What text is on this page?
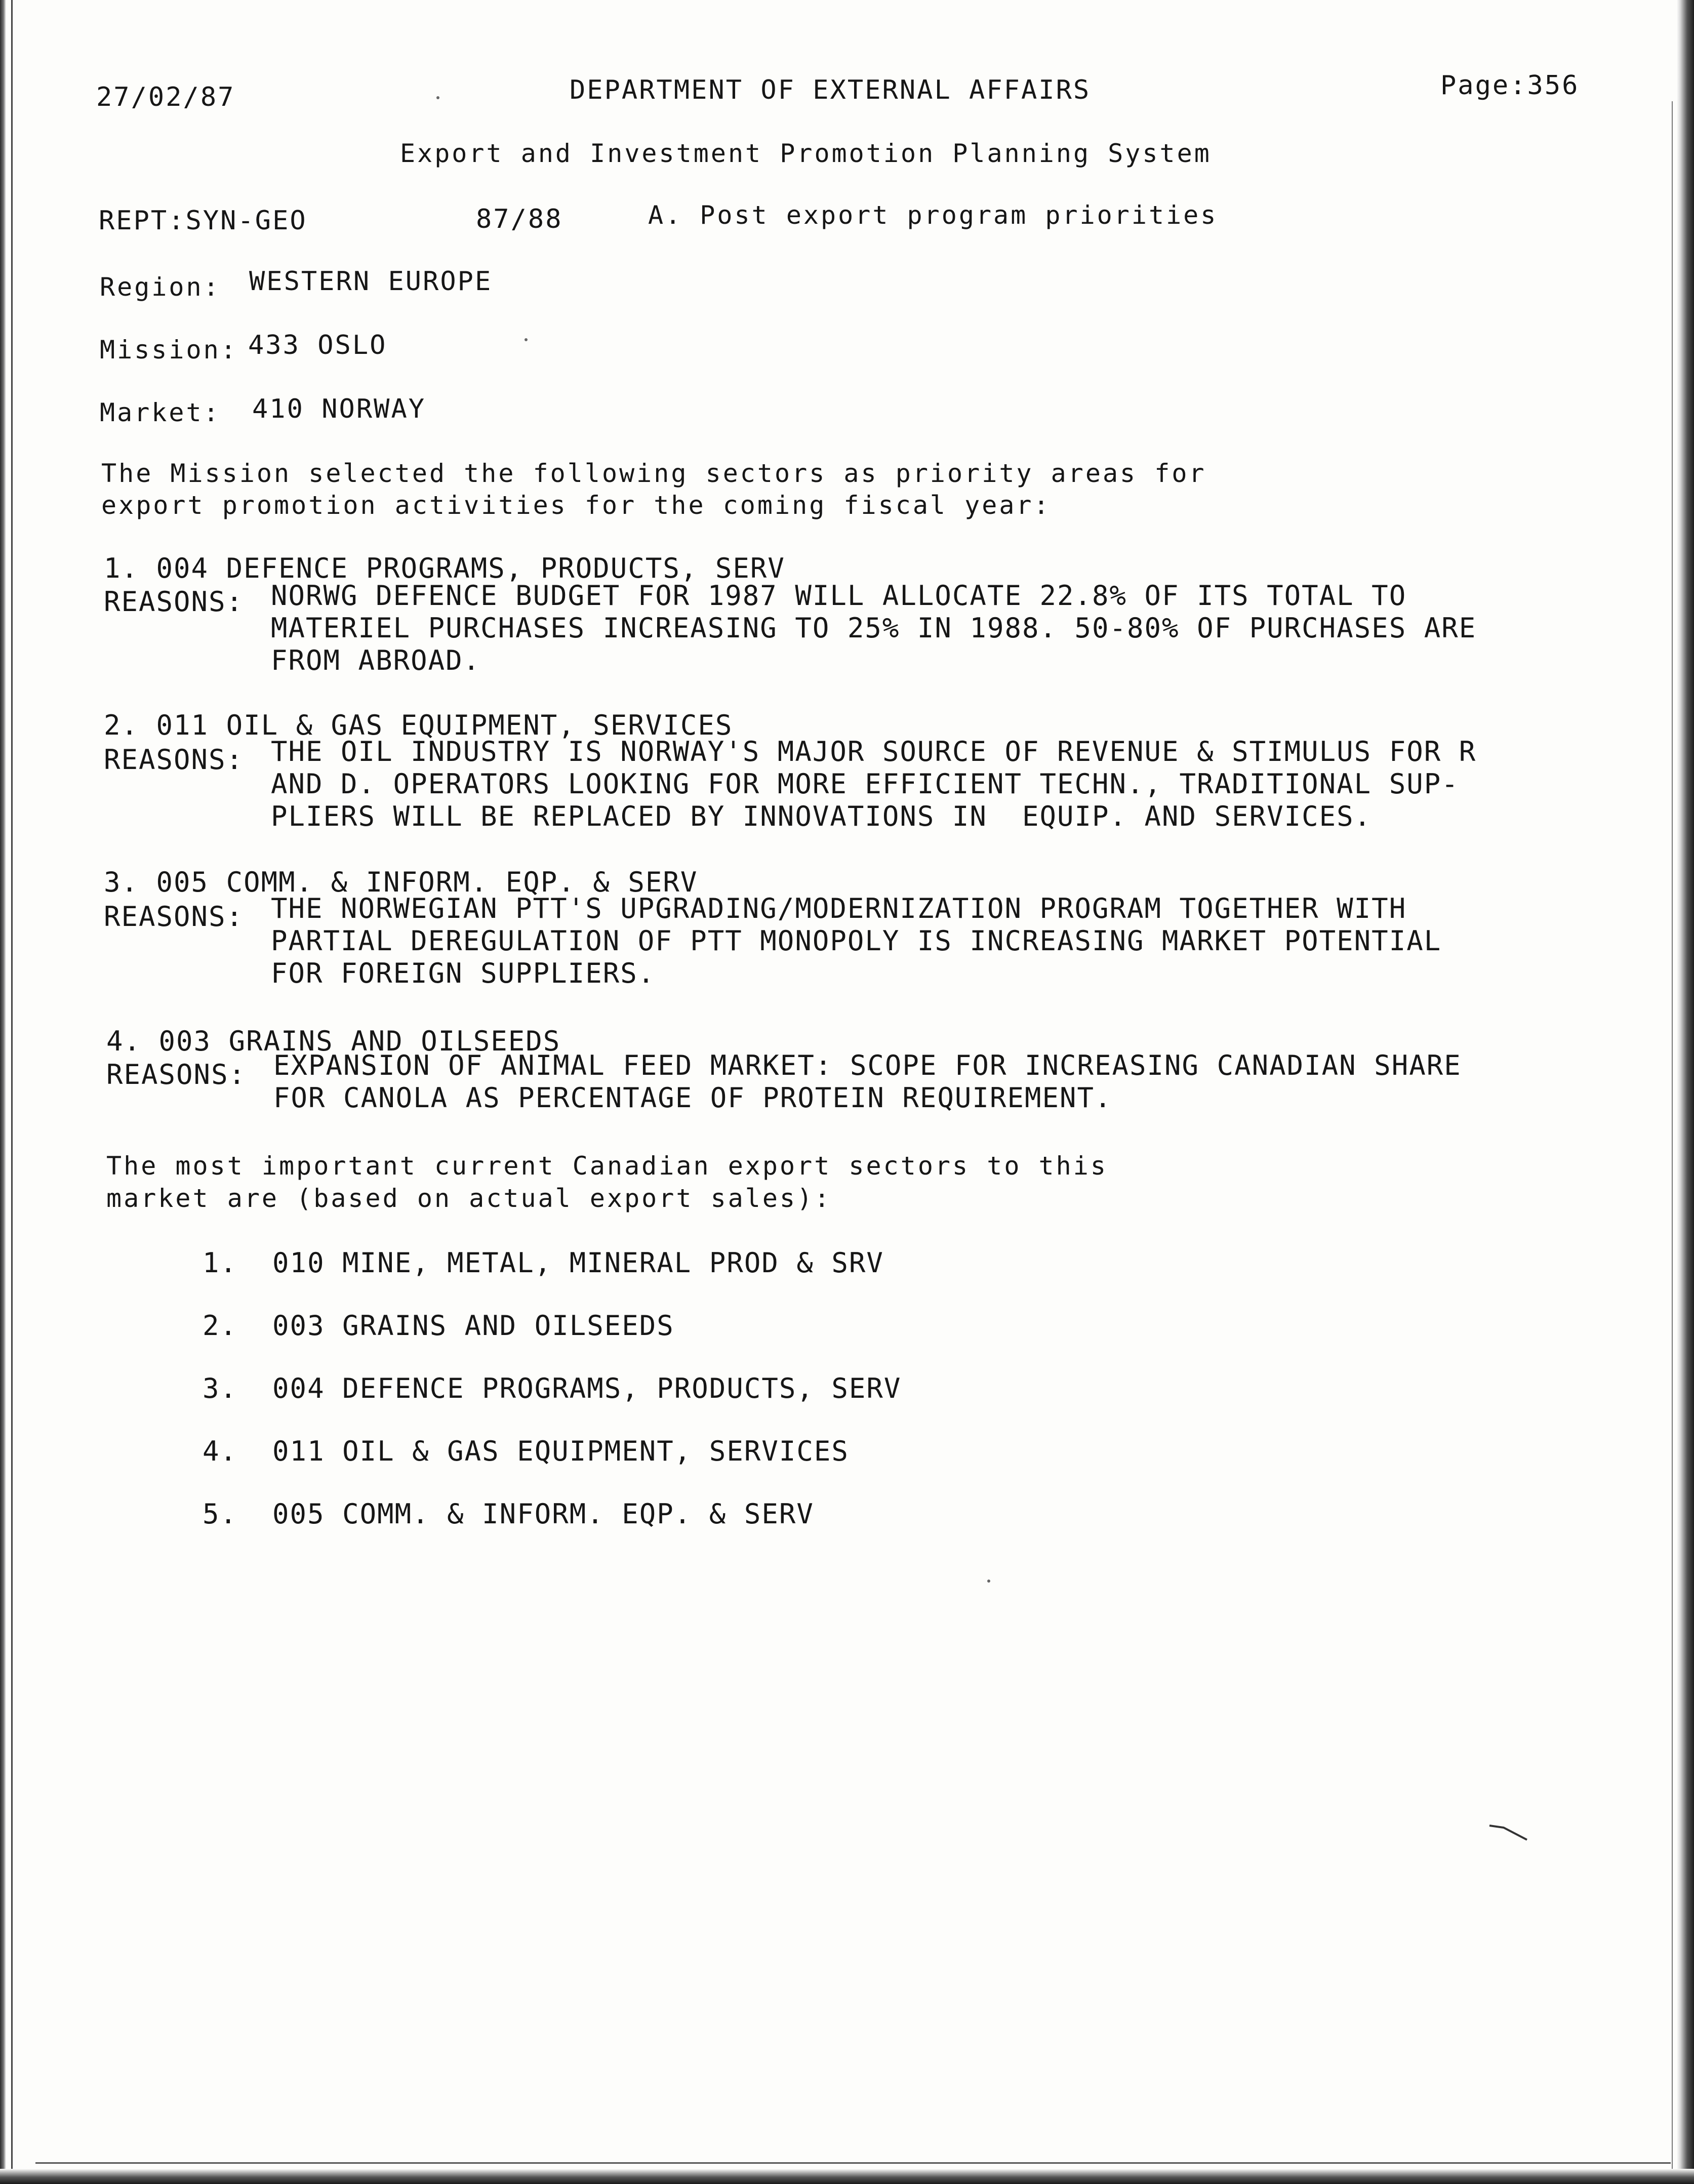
27/02/87	DEPARTMENT OF EXTERNAL AFFAIRS	Page:356

Export and Investment Promotion Planning System

REPT:SYN-GEO	87/88	A. Post export program priorities

Region: WESTERN EUROPE

Mission: 433 OSLO

Market: 410 NORWAY

The Mission selected the following sectors as priority areas for

export promotion activities for the coming fiscal year:

1. 004 DEFENCE PROGRAMS, PRODUCTS, SERV

REASONS: NORWG DEFENCE BUDGET FOR 1987 WILL ALLOCATE 22.8% OF ITS TOTAL TO

MATERIEL PURCHASES INCREASING TO 25% IN 1988. 50-80% OF PURCHASES ARE

FROM ABROAD.

2. 011 OIL & GAS EQUIPMENT, SERVICES

REASONS: THE OIL INDUSTRY IS NORWAY'S MAJOR SOURCE OF REVENUE & STIMULUS FOR R

AND D. OPERATORS LOOKING FOR MORE EFFICIENT TECHN., TRADITIONAL SUP-

PLIERS WILL BE REPLACED BY INNOVATIONS IN  EQUIP. AND SERVICES.

3. 005 COMM. & INFORM. EQP. & SERV

REASONS: THE NORWEGIAN PTT'S UPGRADING/MODERNIZATION PROGRAM TOGETHER WITH

PARTIAL DEREGULATION OF PTT MONOPOLY IS INCREASING MARKET POTENTIAL

FOR FOREIGN SUPPLIERS.

4. 003 GRAINS AND OILSEEDS

REASONS: EXPANSION OF ANIMAL FEED MARKET: SCOPE FOR INCREASING CANADIAN SHARE

FOR CANOLA AS PERCENTAGE OF PROTEIN REQUIREMENT.

The most important current Canadian export sectors to this

market are (based on actual export sales):

1.  010 MINE, METAL, MINERAL PROD & SRV

2.  003 GRAINS AND OILSEEDS

3.  004 DEFENCE PROGRAMS, PRODUCTS, SERV

4.  011 OIL & GAS EQUIPMENT, SERVICES

5.  005 COMM. & INFORM. EQP. & SERV
